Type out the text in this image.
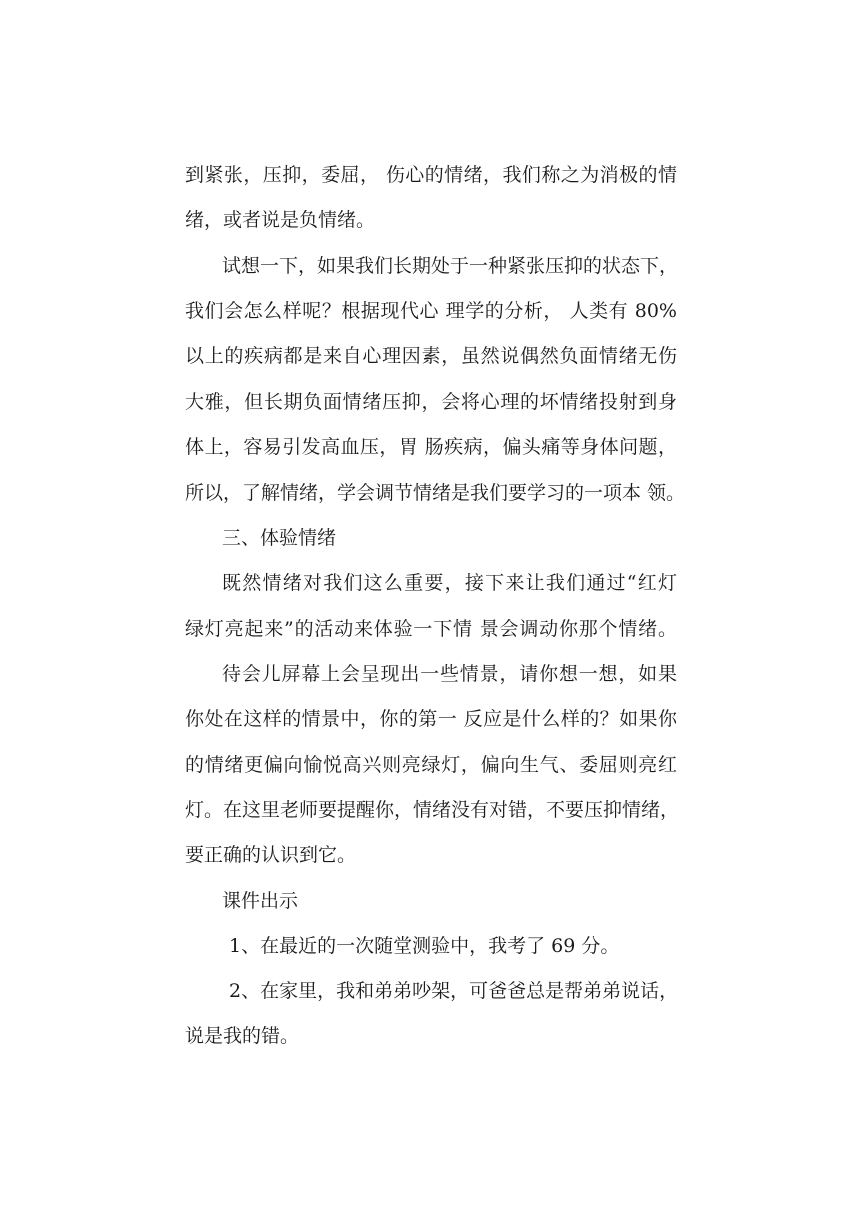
到紧张，压抑，委屈， 伤心的情绪，我们称之为消极的情
绪，或者说是负情绪。
试想一下，如果我们长期处于一种紧张压抑的状态下，
我们会怎么样呢？根据现代心 理学的分析， 人类有 80%
以上的疾病都是来自心理因素，虽然说偶然负面情绪无伤
大雅，但长期负面情绪压抑，会将心理的坏情绪投射到身
体上，容易引发高血压，胃 肠疾病，偏头痛等身体问题，
所以，了解情绪，学会调节情绪是我们要学习的一项本 领。
三、体验情绪
既然情绪对我们这么重要，接下来让我们通过“红灯
绿灯亮起来”的活动来体验一下情 景会调动你那个情绪。
待会儿屏幕上会呈现出一些情景，请你想一想，如果
你处在这样的情景中，你的第一 反应是什么样的？如果你
的情绪更偏向愉悦高兴则亮绿灯，偏向生气、委屈则亮红
灯。在这里老师要提醒你，情绪没有对错，不要压抑情绪，
要正确的认识到它。
课件出示
1、在最近的一次随堂测验中，我考了 69 分。
2、在家里，我和弟弟吵架，可爸爸总是帮弟弟说话，
说是我的错。
